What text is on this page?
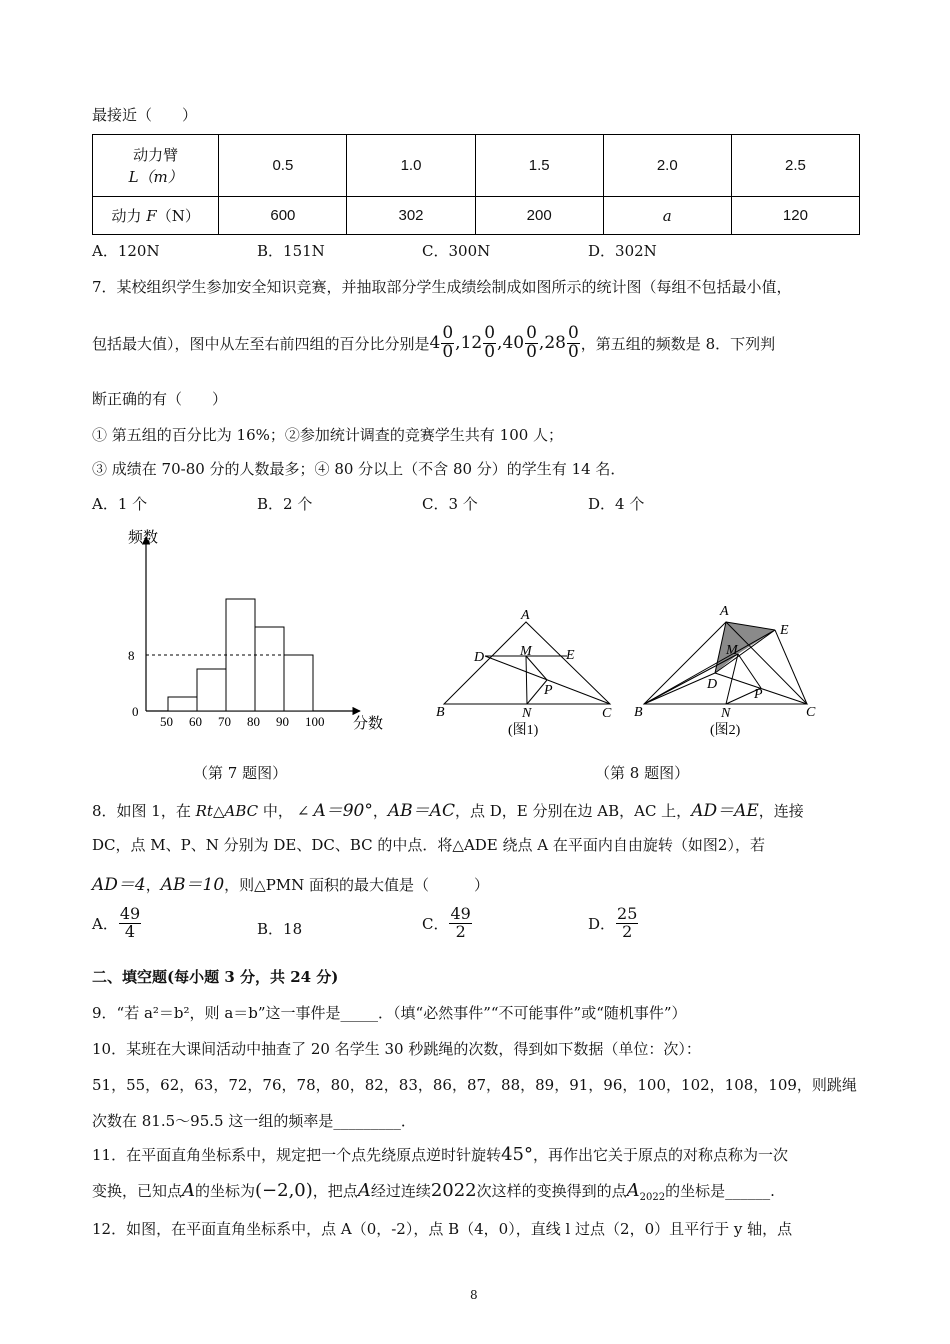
最接近（　　）
动力臂
L（m）	0.5	1.0	1.5	2.0	2.5
动力 F（N）	600	302	200	a	120
A．120N	B．151N	C．300N	D．302N
7．某校组织学生参加安全知识竞赛，并抽取部分学生成绩绘制成如图所示的统计图（每组不包括最小值，
包括最大值），图中从左至右前四组的百分比分别是$4 \frac{0}{0} ,12 \frac{0}{0} ,40 \frac{0}{0} ,28 \frac{0}{0}$ ，第五组的频数是 8．下列判
断正确的有（　　）
① 第五组的百分比为 16%；②参加统计调查的竞赛学生共有 100 人；
③ 成绩在 70-80 分的人数最多；④ 80 分以上（不含 80 分）的学生有 14 名．
A．1 个	B．2 个	C．3 个	D．4 个
频数
分数
0
8
50 60 70 80 90 100
（第 7 题图）
A
D	M E
P
B	N	C
(图1)
A
E
M
D
P
B	N	C
(图2)
（第 8 题图）
8．如图 1，在 Rt△ABC 中， ∠ A＝90°，AB＝AC，点 D，E 分别在边 AB，AC 上，AD＝AE，连接
DC，点 M、P、N 分别为 DE、DC、BC 的中点．将△ADE 绕点 A 在平面内自由旋转（如图2），若
AD＝4，AB＝10，则△PMN 面积的最大值是（　　　）
A． $\frac{49}{4}$	B．18	C． $\frac{49}{2}$	D． $\frac{25}{2}$
二、填空题(每小题 3 分，共 24 分)
9．“若 a²＝b²，则 a＝b”这一事件是_____．（填“必然事件”“不可能事件”或“随机事件”）
10．某班在大课间活动中抽查了 20 名学生 30 秒跳绳的次数，得到如下数据（单位：次）：
51，55，62，63，72，76，78，80，82，83，86，87，88，89，91，96，100，102，108，109，则跳绳
次数在 81.5～95.5 这一组的频率是_________．
11．在平面直角坐标系中，规定把一个点先绕原点逆时针旋转45°，再作出它关于原点的对称点称为一次
变换，已知点A的坐标为(−2,0)，把点A经过连续2022次这样的变换得到的点$A_{2022}$的坐标是______.
12．如图，在平面直角坐标系中，点 A（0，-2），点 B（4，0），直线 l 过点（2，0）且平行于 y 轴，点
8
